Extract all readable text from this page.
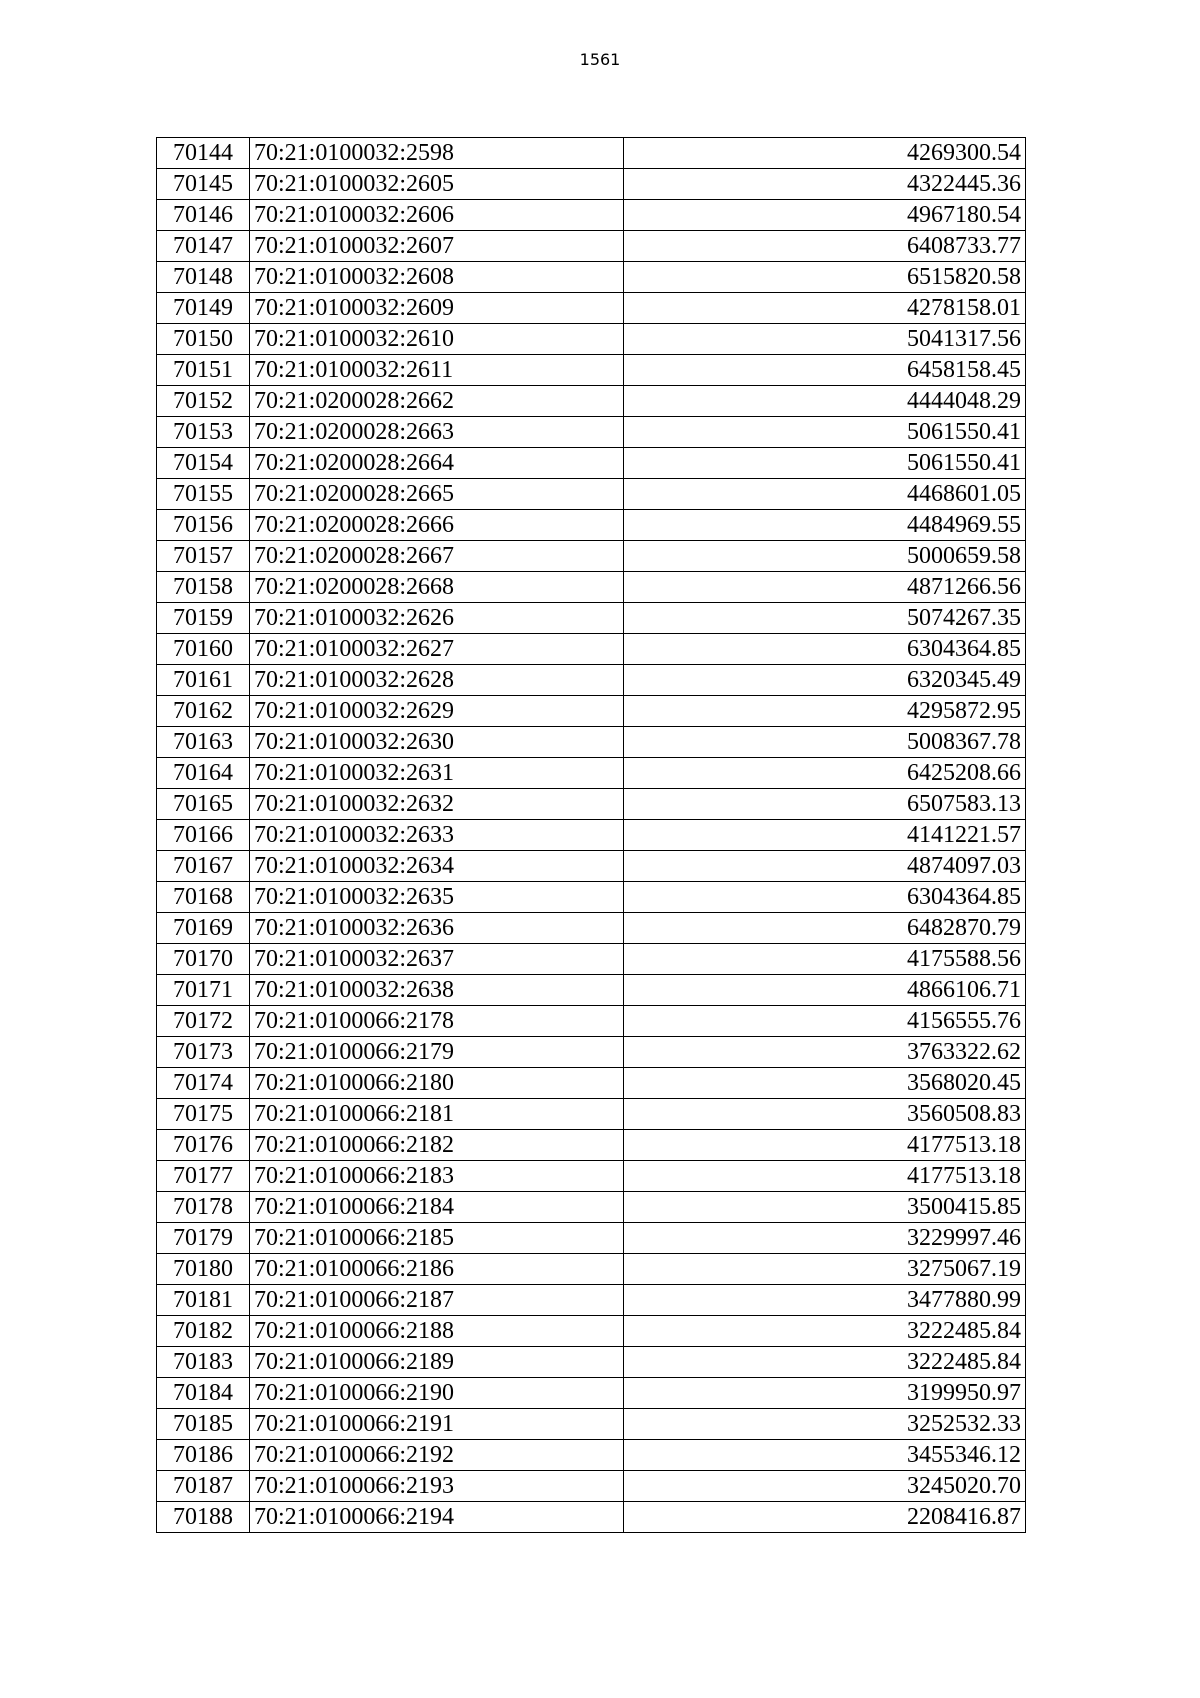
1561
70144	70:21:0100032:2598	4269300.54
70145	70:21:0100032:2605	4322445.36
70146	70:21:0100032:2606	4967180.54
70147	70:21:0100032:2607	6408733.77
70148	70:21:0100032:2608	6515820.58
70149	70:21:0100032:2609	4278158.01
70150	70:21:0100032:2610	5041317.56
70151	70:21:0100032:2611	6458158.45
70152	70:21:0200028:2662	4444048.29
70153	70:21:0200028:2663	5061550.41
70154	70:21:0200028:2664	5061550.41
70155	70:21:0200028:2665	4468601.05
70156	70:21:0200028:2666	4484969.55
70157	70:21:0200028:2667	5000659.58
70158	70:21:0200028:2668	4871266.56
70159	70:21:0100032:2626	5074267.35
70160	70:21:0100032:2627	6304364.85
70161	70:21:0100032:2628	6320345.49
70162	70:21:0100032:2629	4295872.95
70163	70:21:0100032:2630	5008367.78
70164	70:21:0100032:2631	6425208.66
70165	70:21:0100032:2632	6507583.13
70166	70:21:0100032:2633	4141221.57
70167	70:21:0100032:2634	4874097.03
70168	70:21:0100032:2635	6304364.85
70169	70:21:0100032:2636	6482870.79
70170	70:21:0100032:2637	4175588.56
70171	70:21:0100032:2638	4866106.71
70172	70:21:0100066:2178	4156555.76
70173	70:21:0100066:2179	3763322.62
70174	70:21:0100066:2180	3568020.45
70175	70:21:0100066:2181	3560508.83
70176	70:21:0100066:2182	4177513.18
70177	70:21:0100066:2183	4177513.18
70178	70:21:0100066:2184	3500415.85
70179	70:21:0100066:2185	3229997.46
70180	70:21:0100066:2186	3275067.19
70181	70:21:0100066:2187	3477880.99
70182	70:21:0100066:2188	3222485.84
70183	70:21:0100066:2189	3222485.84
70184	70:21:0100066:2190	3199950.97
70185	70:21:0100066:2191	3252532.33
70186	70:21:0100066:2192	3455346.12
70187	70:21:0100066:2193	3245020.70
70188	70:21:0100066:2194	2208416.87
